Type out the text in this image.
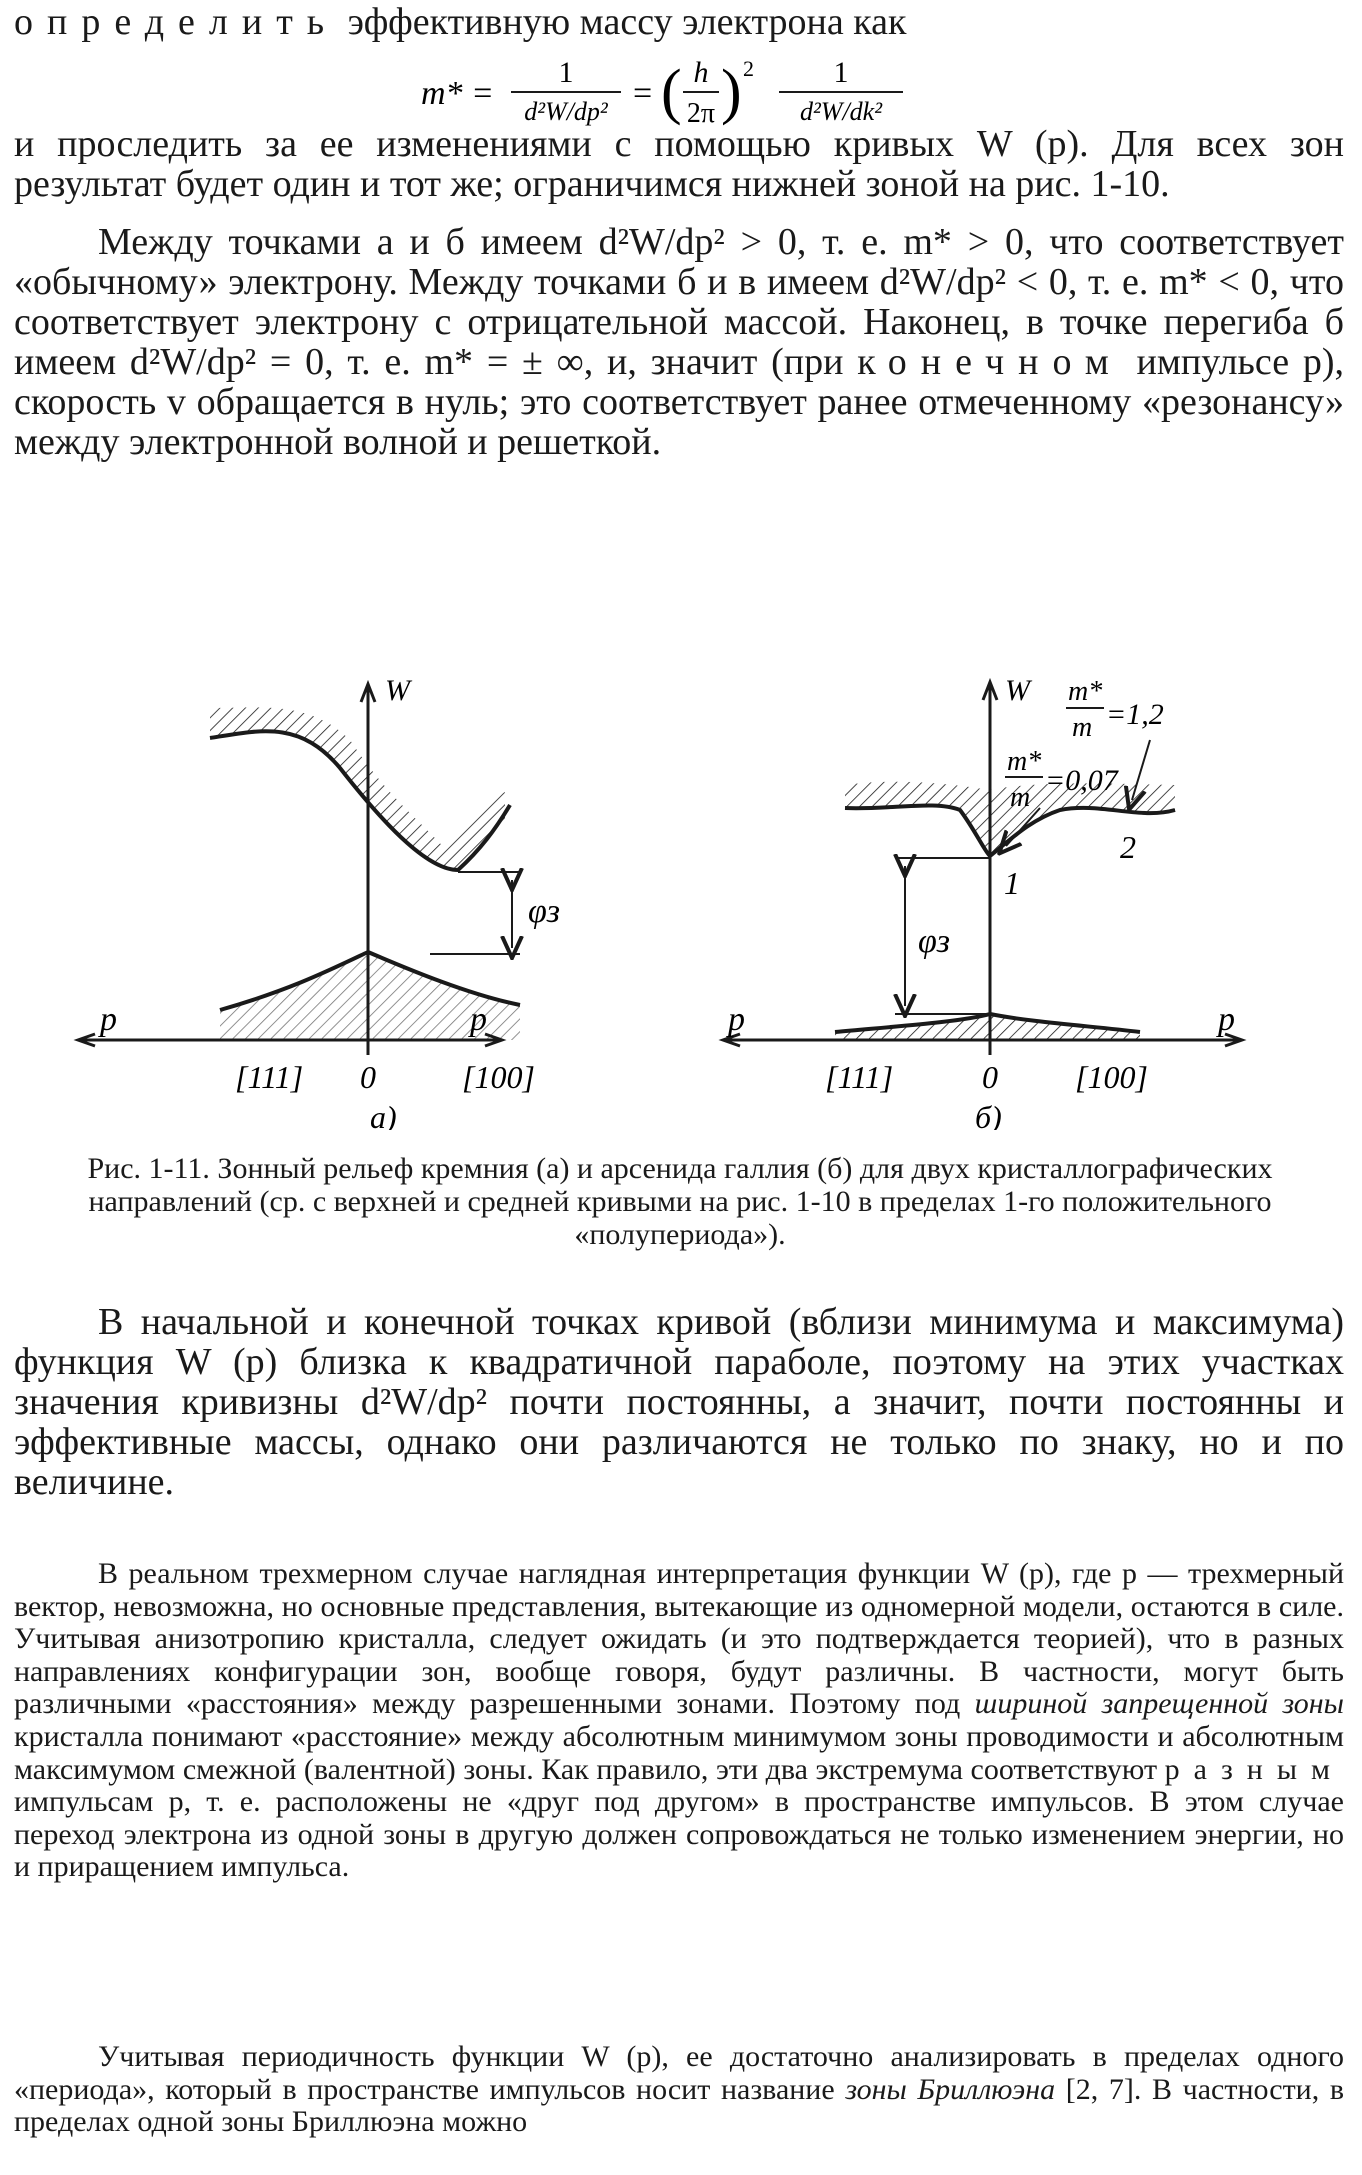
определить эффективную массу электрона как

m* =
1
d²W/dp² = ( h
2π ) 2	1
d²W/dk²

и проследить за ее изменениями с помощью кривых W (p). Для всех зон результат будет один и тот же; ограничимся нижней зоной на рис. 1-10.

Между точками а и б имеем d²W/dp² > 0, т. е. m* > 0, что соответствует «обычному» электрону. Между точками б и в имеем d²W/dp² < 0, т. е. m* < 0, что соответствует электрону с отрицательной массой. Наконец, в точке перегиба б имеем d²W/dp² = 0, т. е. m* = ± ∞, и, значит (при конечном импульсе p), скорость v обращается в нуль; это соответствует ранее отмеченному «резонансу» между электронной волной и решеткой.

φз
W
p	p
[111] 0	[100]
а)
φз
1
2
m*
m
=0,07
m*
m =1,2
W
p	p
[111]	0 [100]
б)

Рис. 1-11. Зонный рельеф кремния (а) и арсенида галлия (б) для двух кристаллографических направлений (ср. с верхней и средней кривыми на рис. 1-10 в пределах 1-го положительного «полупериода»).

В начальной и конечной точках кривой (вблизи минимума и максимума) функция W (p) близка к квадратичной параболе, поэтому на этих участках значения кривизны d²W/dp² почти постоянны, а значит, почти постоянны и эффективные массы, однако они различаются не только по знаку, но и по величине.

В реальном трехмерном случае наглядная интерпретация функции W (p), где p — трехмерный вектор, невозможна, но основные представления, вытекающие из одномерной модели, остаются в силе. Учитывая анизотропию кристалла, следует ожидать (и это подтверждается теорией), что в разных направлениях конфигурации зон, вообще говоря, будут различны. В частности, могут быть различными «расстояния» между разрешенными зонами. Поэтому под шириной запрещенной зоны кристалла понимают «расстояние» между абсолютным минимумом зоны проводимости и абсолютным максимумом смежной (валентной) зоны. Как правило, эти два экстремума соответствуют разным импульсам p, т. е. расположены не «друг под другом» в пространстве импульсов. В этом случае переход электрона из одной зоны в другую должен сопровождаться не только изменением энергии, но и приращением импульса.

Учитывая периодичность функции W (p), ее достаточно анализировать в пределах одного «периода», который в пространстве импульсов носит название зоны Бриллюэна [2, 7]. В частности, в пределах одной зоны Бриллюэна можно
